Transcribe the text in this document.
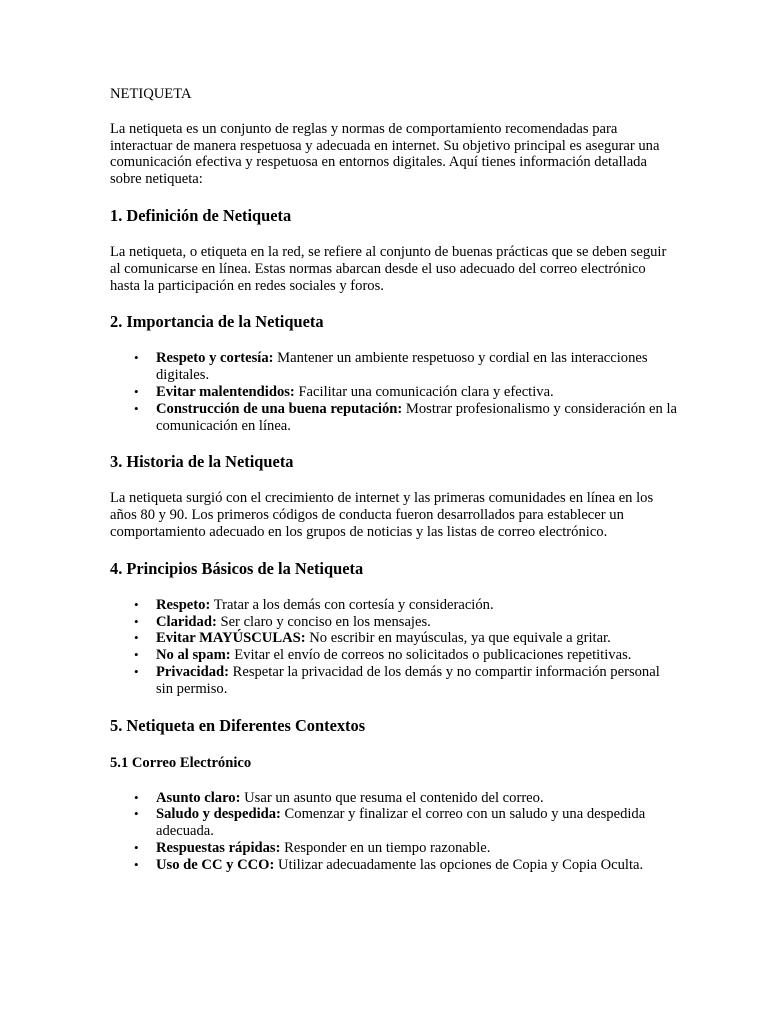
NETIQUETA

La netiqueta es un conjunto de reglas y normas de comportamiento recomendadas para interactuar de manera respetuosa y adecuada en internet. Su objetivo principal es asegurar una comunicación efectiva y respetuosa en entornos digitales. Aquí tienes información detallada sobre netiqueta:

1. Definición de Netiqueta

La netiqueta, o etiqueta en la red, se refiere al conjunto de buenas prácticas que se deben seguir al comunicarse en línea. Estas normas abarcan desde el uso adecuado del correo electrónico hasta la participación en redes sociales y foros.

2. Importancia de la Netiqueta
• Respeto y cortesía: Mantener un ambiente respetuoso y cordial en las interacciones digitales.
• Evitar malentendidos: Facilitar una comunicación clara y efectiva.
• Construcción de una buena reputación: Mostrar profesionalismo y consideración en la comunicación en línea.
3. Historia de la Netiqueta

La netiqueta surgió con el crecimiento de internet y las primeras comunidades en línea en los años 80 y 90. Los primeros códigos de conducta fueron desarrollados para establecer un comportamiento adecuado en los grupos de noticias y las listas de correo electrónico.

4. Principios Básicos de la Netiqueta
• Respeto: Tratar a los demás con cortesía y consideración.
• Claridad: Ser claro y conciso en los mensajes.
• Evitar MAYÚSCULAS: No escribir en mayúsculas, ya que equivale a gritar.
• No al spam: Evitar el envío de correos no solicitados o publicaciones repetitivas.
• Privacidad: Respetar la privacidad de los demás y no compartir información personal sin permiso.
5. Netiqueta en Diferentes Contextos
5.1 Correo Electrónico
• Asunto claro: Usar un asunto que resuma el contenido del correo.
• Saludo y despedida: Comenzar y finalizar el correo con un saludo y una despedida adecuada.
• Respuestas rápidas: Responder en un tiempo razonable.
• Uso de CC y CCO: Utilizar adecuadamente las opciones de Copia y Copia Oculta.
